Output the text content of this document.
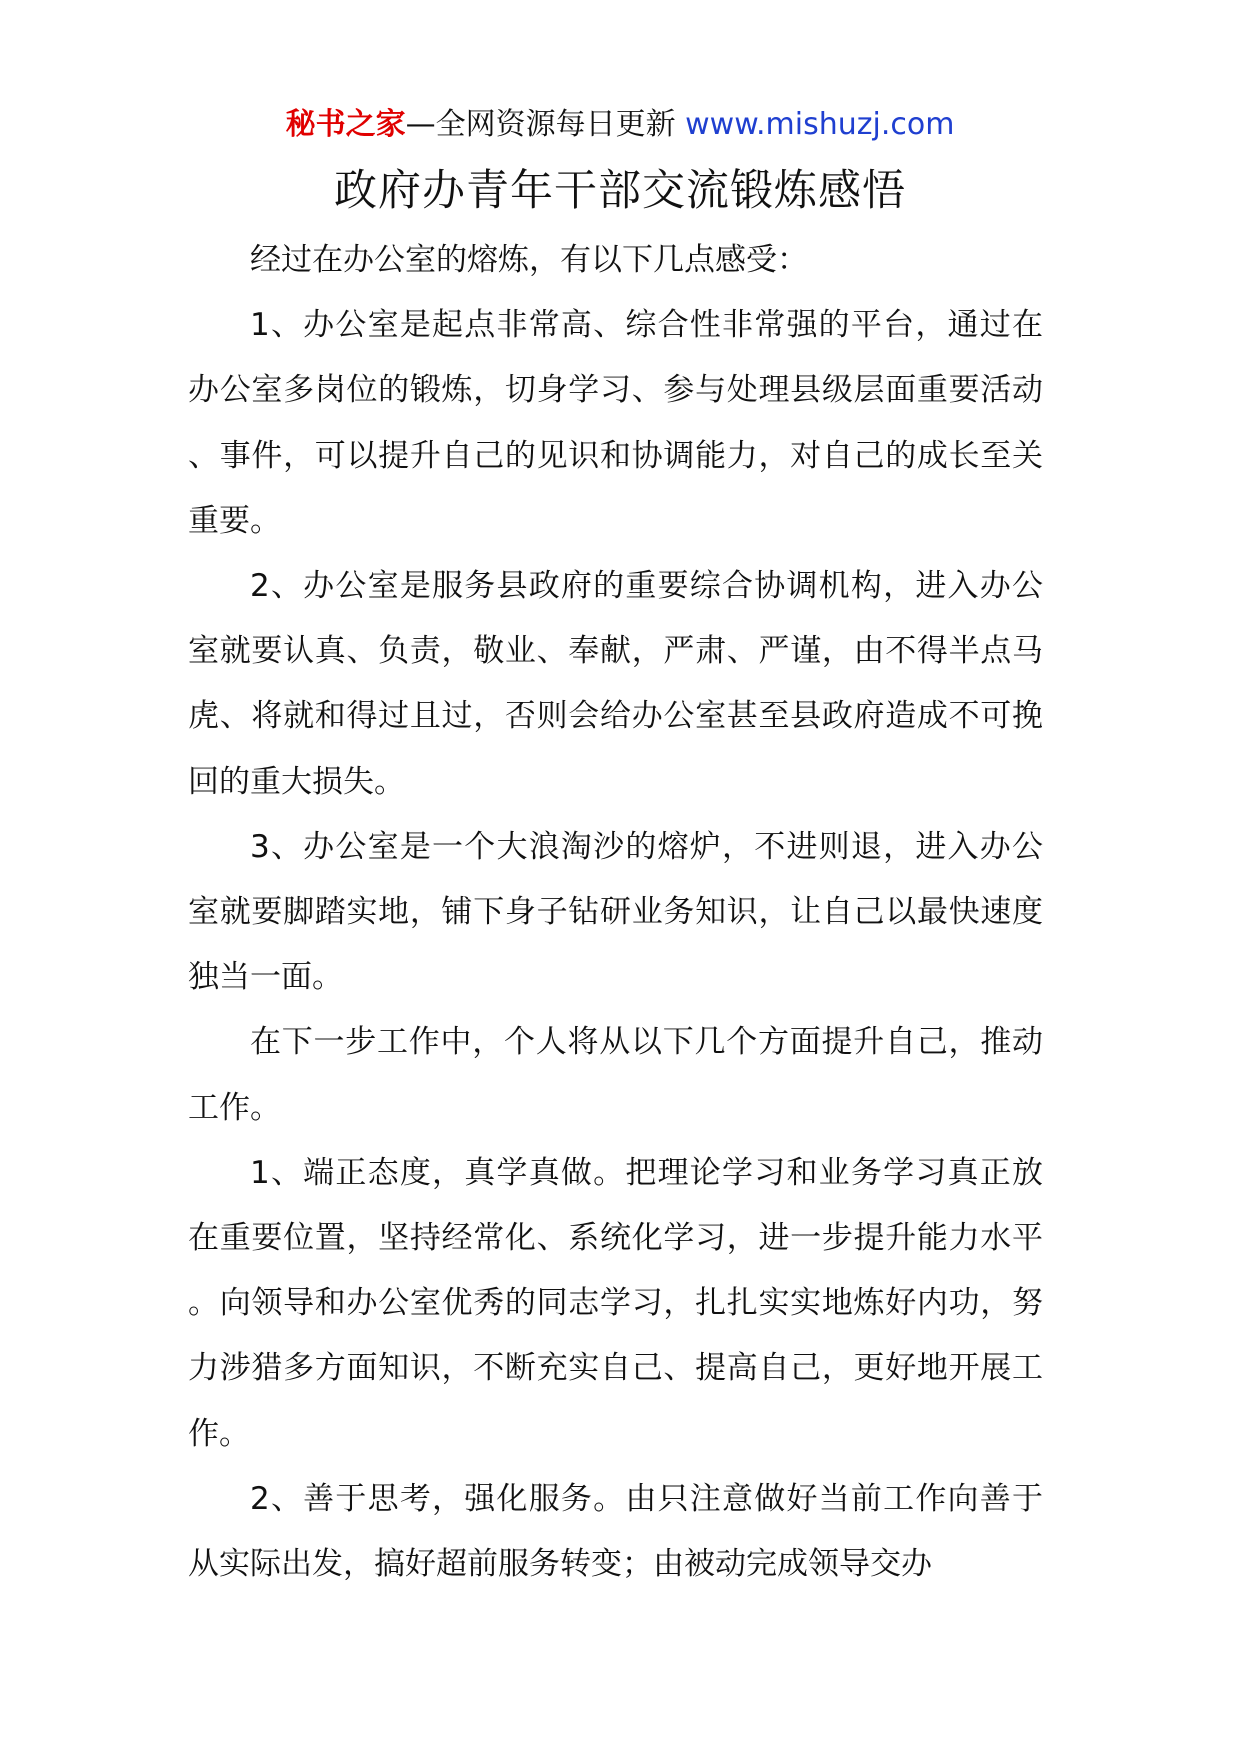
秘书之家—全网资源每日更新 www.mishuzj.com
政府办青年干部交流锻炼感悟

经过在办公室的熔炼，有以下几点感受：

1、办公室是起点非常高、综合性非常强的平台，通过在办公室多岗位的锻炼，切身学习、参与处理县级层面重要活动、事件，可以提升自己的见识和协调能力，对自己的成长至关重要。

2、办公室是服务县政府的重要综合协调机构，进入办公室就要认真、负责，敬业、奉献，严肃、严谨，由不得半点马虎、将就和得过且过，否则会给办公室甚至县政府造成不可挽回的重大损失。

3、办公室是一个大浪淘沙的熔炉，不进则退，进入办公室就要脚踏实地，铺下身子钻研业务知识，让自己以最快速度独当一面。

在下一步工作中，个人将从以下几个方面提升自己，推动工作。

1、端正态度，真学真做。把理论学习和业务学习真正放在重要位置，坚持经常化、系统化学习，进一步提升能力水平。向领导和办公室优秀的同志学习，扎扎实实地炼好内功，努力涉猎多方面知识，不断充实自己、提高自己，更好地开展工作。

2、善于思考，强化服务。由只注意做好当前工作向善于从实际出发，搞好超前服务转变；由被动完成领导交办
